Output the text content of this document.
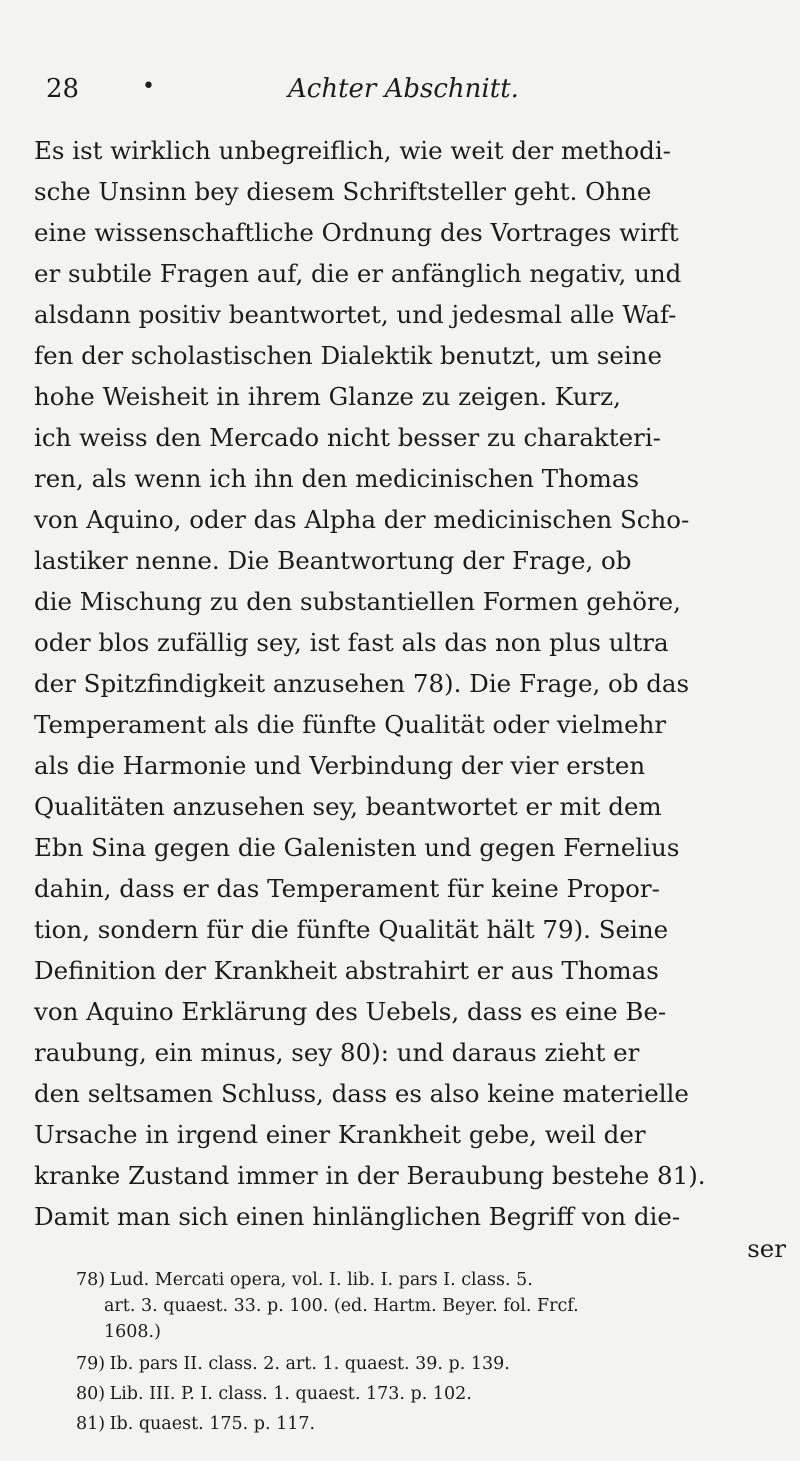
28	•	Achter Abschnitt.
Es ist wirklich unbegreiflich, wie weit der methodi-
sche Unsinn bey diesem Schriftsteller geht. Ohne
eine wissenschaftliche Ordnung des Vortrages wirft
er subtile Fragen auf, die er anfänglich negativ, und
alsdann positiv beantwortet, und jedesmal alle Waf-
fen der scholastischen Dialektik benutzt, um seine
hohe Weisheit in ihrem Glanze zu zeigen. Kurz,
ich weiss den Mercado nicht besser zu charakteri-
ren, als wenn ich ihn den medicinischen Thomas
von Aquino, oder das Alpha der medicinischen Scho-
lastiker nenne. Die Beantwortung der Frage, ob
die Mischung zu den substantiellen Formen gehöre,
oder blos zufällig sey, ist fast als das non plus ultra
der Spitzfindigkeit anzusehen 78). Die Frage, ob das
Temperament als die fünfte Qualität oder vielmehr
als die Harmonie und Verbindung der vier ersten
Qualitäten anzusehen sey, beantwortet er mit dem
Ebn Sina gegen die Galenisten und gegen Fernelius
dahin, dass er das Temperament für keine Propor-
tion, sondern für die fünfte Qualität hält 79). Seine
Definition der Krankheit abstrahirt er aus Thomas
von Aquino Erklärung des Uebels, dass es eine Be-
raubung, ein minus, sey 80): und daraus zieht er
den seltsamen Schluss, dass es also keine materielle
Ursache in irgend einer Krankheit gebe, weil der
kranke Zustand immer in der Beraubung bestehe 81).
Damit man sich einen hinlänglichen Begriff von die-
ser
78) Lud. Mercati opera, vol. I. lib. I. pars I. class. 5.
art. 3. quaest. 33. p. 100. (ed. Hartm. Beyer. fol. Frcf.
1608.)
79) Ib. pars II. class. 2. art. 1. quaest. 39. p. 139.
80) Lib. III. P. I. class. 1. quaest. 173. p. 102.
81) Ib. quaest. 175. p. 117.
